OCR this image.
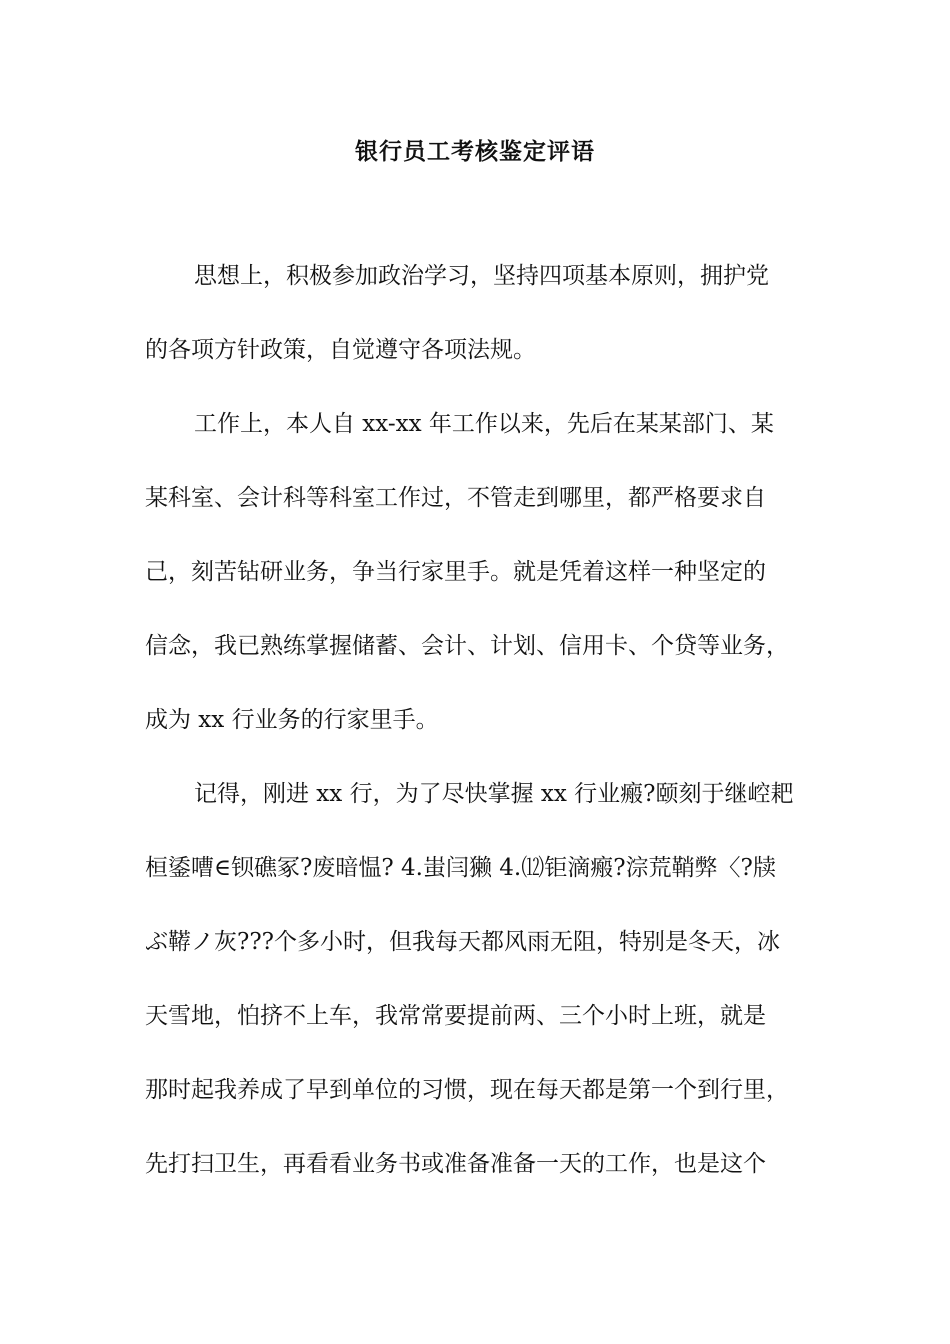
银行员工考核鉴定评语
思想上，积极参加政治学习，坚持四项基本原则，拥护党
的各项方针政策，自觉遵守各项法规。
工作上，本人自 xx-xx 年工作以来，先后在某某部门、某
某科室、会计科等科室工作过，不管走到哪里，都严格要求自
己，刻苦钻研业务，争当行家里手。就是凭着这样一种坚定的
信念，我已熟练掌握储蓄、会计、计划、信用卡、个贷等业务，
成为 xx 行业务的行家里手。
记得，刚进 xx 行，为了尽快掌握 xx 行业瘢?颐刻于继崆耙
桓鋈嘈∈钡礁冢?废暗愠? 4.蚩闫獭 4.⑿钜滴瘢?淙荒鞘弊〈?牍
ぶ鞯ノ灰???个多小时，但我每天都风雨无阻，特别是冬天，冰
天雪地，怕挤不上车，我常常要提前两、三个小时上班，就是
那时起我养成了早到单位的习惯，现在每天都是第一个到行里，
先打扫卫生，再看看业务书或准备准备一天的工作，也是这个
